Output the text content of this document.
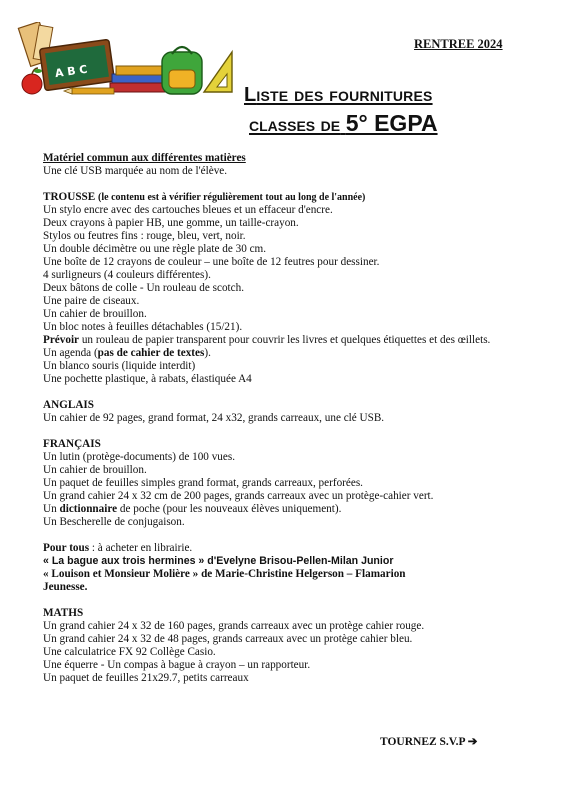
A B C
RENTREE 2024
Liste des fournitures
classes de 5° EGPA
Matériel commun aux différentes matières
Une clé USB marquée au nom de l'élève.
TROUSSE (le contenu est à vérifier régulièrement tout au long de l'année)
Un stylo encre avec des cartouches bleues et un effaceur d'encre.
Deux crayons à papier HB, une gomme, un taille-crayon.
Stylos ou feutres fins : rouge, bleu, vert, noir.
Un double décimètre ou une règle plate de 30 cm.
Une boîte de 12 crayons de couleur – une boîte de 12 feutres pour dessiner.
4 surligneurs (4 couleurs différentes).
Deux bâtons de colle - Un rouleau de scotch.
Une paire de ciseaux.
Un cahier de brouillon.
Un bloc notes à feuilles détachables (15/21).
Prévoir un rouleau de papier transparent pour couvrir les livres et quelques étiquettes et des œillets.
Un agenda (pas de cahier de textes).
Un blanco souris (liquide interdit)
Une pochette plastique, à rabats, élastiquée A4
ANGLAIS
Un cahier de 92 pages, grand format, 24 x32, grands carreaux, une clé USB.
FRANÇAIS
Un lutin (protège-documents) de 100 vues.
Un cahier de brouillon.
Un paquet de feuilles simples grand format, grands carreaux, perforées.
Un grand cahier 24 x 32 cm de 200 pages, grands carreaux avec un protège-cahier vert.
Un dictionnaire de poche (pour les nouveaux élèves uniquement).
Un Bescherelle de conjugaison.
Pour tous : à acheter en librairie.
« La bague aux trois hermines » d'Evelyne Brisou-Pellen-Milan Junior
« Louison et Monsieur Molière » de Marie-Christine Helgerson – Flamarion
Jeunesse.
MATHS
Un grand cahier 24 x 32 de 160 pages, grands carreaux avec un protège cahier rouge.
Un grand cahier 24 x 32 de 48 pages, grands carreaux avec un protège cahier bleu.
Une calculatrice FX 92 Collège Casio.
Une équerre - Un compas à bague à crayon – un rapporteur.
Un paquet de feuilles 21x29.7, petits carreaux
TOURNEZ S.V.P ➔
